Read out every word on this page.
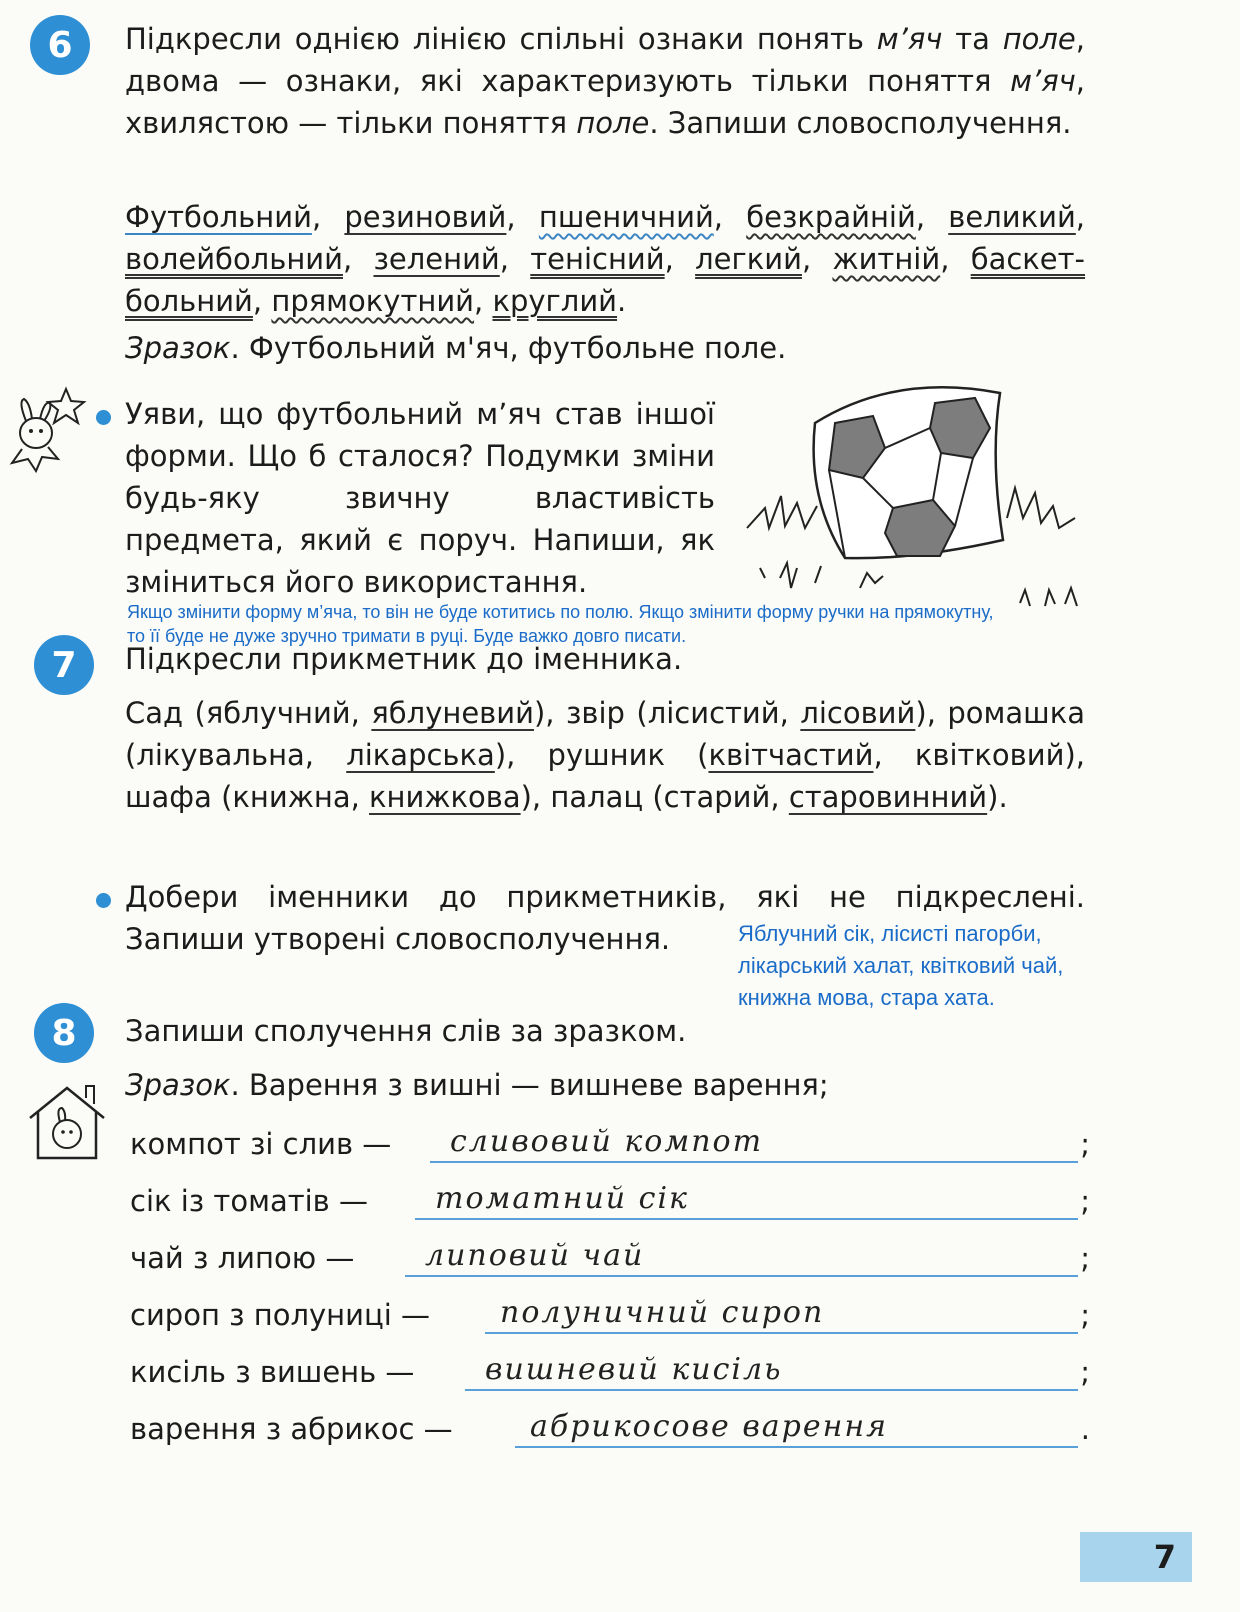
6	Підкресли однією лінією спільні ознаки понять м’яч та поле, двома — ознаки, які характеризують тільки поняття м’яч, хвилястою — тільки поняття поле. Запиши словосполучення.
Футбольний, резиновий, пшеничний, безкрайній, великий, волейбольний, зелений, тенісний, легкий, житній, баскет- больний, прямокутний, круглий.
Зразок. Футбольний м'яч, футбольне поле.
Уяви, що футбольний м’яч став іншої форми. Що б сталося? Подумки зміни будь-яку звичну властивість предмета, який є поруч. Напиши, як зміниться його використання.
Якщо змінити форму м’яча, то він не буде котитись по полю. Якщо змінити форму ручки на прямокутну, то її буде не дуже зручно тримати в руці. Буде важко довго писати.
7	Підкресли прикметник до іменника.
Сад (яблучний, яблуневий), звір (лісистий, лісовий), ромашка (лікувальна, лікарська), рушник (квітчастий, квітковий), шафа (книжна, книжкова), палац (старий, старовинний).
Добери іменники до прикметників, які не підкреслені. Запиши утворені словосполучення.	Яблучний сік, лісисті пагорби, лікарський халат, квітковий чай, книжна мова, стара хата.
8	Запиши сполучення слів за зразком.
Зразок. Варення з вишні — вишневе варення;
компот зі слив — сливовий компот	;
сік із томатів — томатний сік	;
чай з липою — липовий чай	;
сироп з полуниці — полуничний сироп	;
кисіль з вишень — вишневий кисіль	;
варення з абрикос —	абрикосове варення	.
7
